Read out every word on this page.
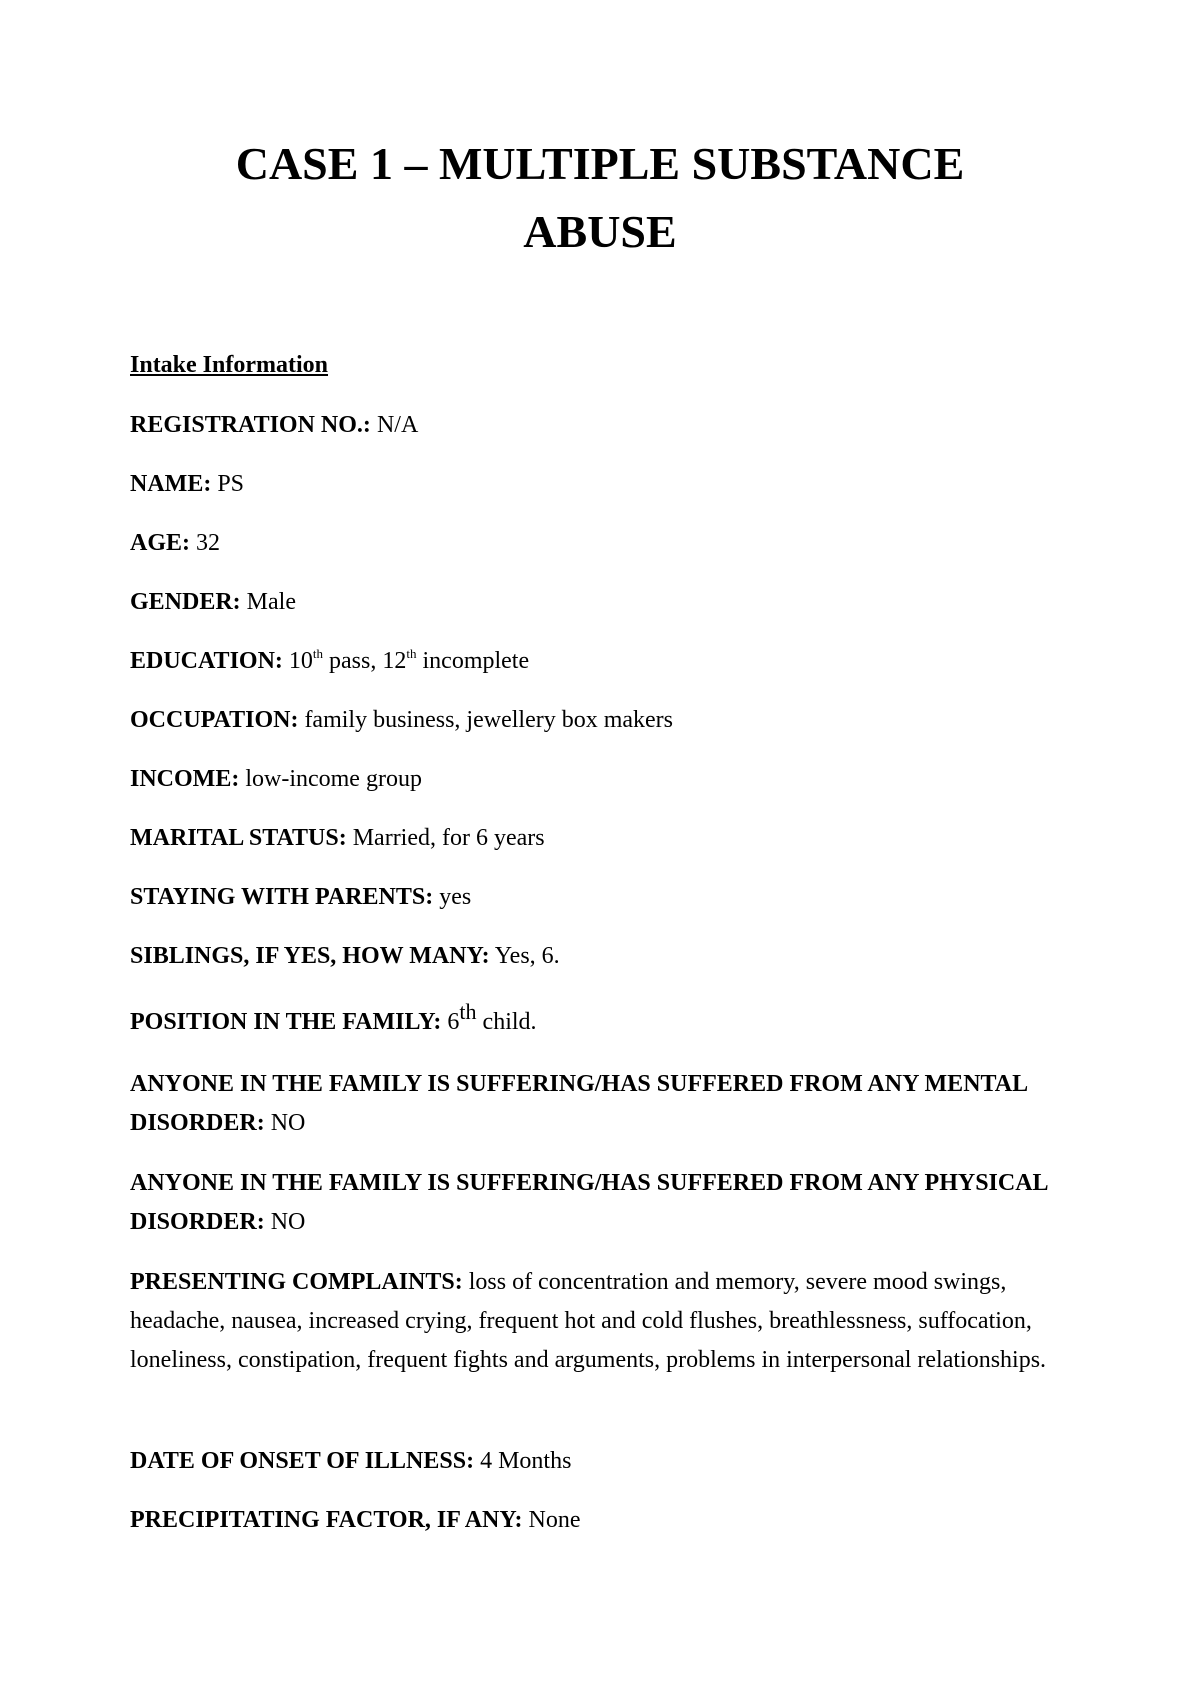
CASE 1 – MULTIPLE SUBSTANCE
ABUSE

Intake Information

REGISTRATION NO.: N/A

NAME: PS

AGE: 32

GENDER: Male

EDUCATION: 10th pass, 12th incomplete

OCCUPATION: family business, jewellery box makers

INCOME: low-income group

MARITAL STATUS: Married, for 6 years

STAYING WITH PARENTS: yes

SIBLINGS, IF YES, HOW MANY: Yes, 6.

POSITION IN THE FAMILY: 6th child.

ANYONE IN THE FAMILY IS SUFFERING/HAS SUFFERED FROM ANY MENTAL DISORDER: NO

ANYONE IN THE FAMILY IS SUFFERING/HAS SUFFERED FROM ANY PHYSICAL DISORDER: NO

PRESENTING COMPLAINTS: loss of concentration and memory, severe mood swings, headache, nausea, increased crying, frequent hot and cold flushes, breathlessness, suffocation, loneliness, constipation, frequent fights and arguments, problems in interpersonal relationships.

DATE OF ONSET OF ILLNESS: 4 Months

PRECIPITATING FACTOR, IF ANY: None
